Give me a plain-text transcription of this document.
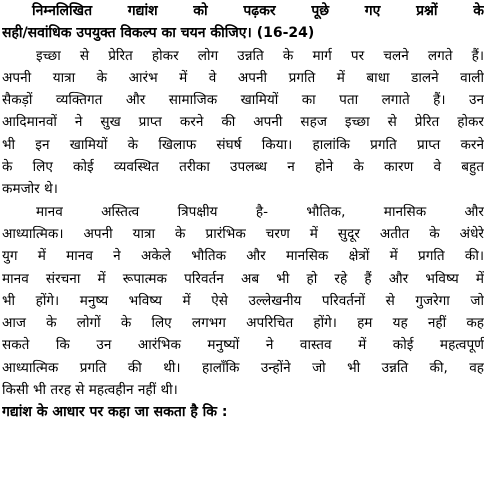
निम्नलिखित गद्यांश को पढ़कर पूछे गए प्रश्नों के
सही/सवांधिक उपयुक्त विकल्प का चयन कीजिए। (16-24)
इच्छा से प्रेरित होकर लोग उन्नति के मार्ग पर चलने लगते हैं।
अपनी यात्रा के आरंभ में वे अपनी प्रगति में बाधा डालने वाली
सैकड़ों व्यक्तिगत और सामाजिक खामियों का पता लगाते हैं। उन
आदिमानवों ने सुख प्राप्त करने की अपनी सहज इच्छा से प्रेरित होकर
भी इन खामियों के खिलाफ संघर्ष किया। हालांकि प्रगति प्राप्त करने
के लिए कोई व्यवस्थित तरीका उपलब्ध न होने के कारण वे बहुत
कमजोर थे।
मानव अस्तित्व त्रिपक्षीय है- भौतिक, मानसिक और
आध्यात्मिक। अपनी यात्रा के प्रारंभिक चरण में सुदूर अतीत के अंधेरे
युग में मानव ने अकेले भौतिक और मानसिक क्षेत्रों में प्रगति की।
मानव संरचना में रूपात्मक परिवर्तन अब भी हो रहे हैं और भविष्य में
भी होंगे। मनुष्य भविष्य में ऐसे उल्लेखनीय परिवर्तनों से गुजरेगा जो
आज के लोगों के लिए लगभग अपरिचित होंगे। हम यह नहीं कह
सकते कि उन आरंभिक मनुष्यों ने वास्तव में कोई महत्वपूर्ण
आध्यात्मिक प्रगति की थी। हालाँकि उन्होंने जो भी उन्नति की, वह
किसी भी तरह से महत्वहीन नहीं थी।
गद्यांश के आधार पर कहा जा सकता है कि :
